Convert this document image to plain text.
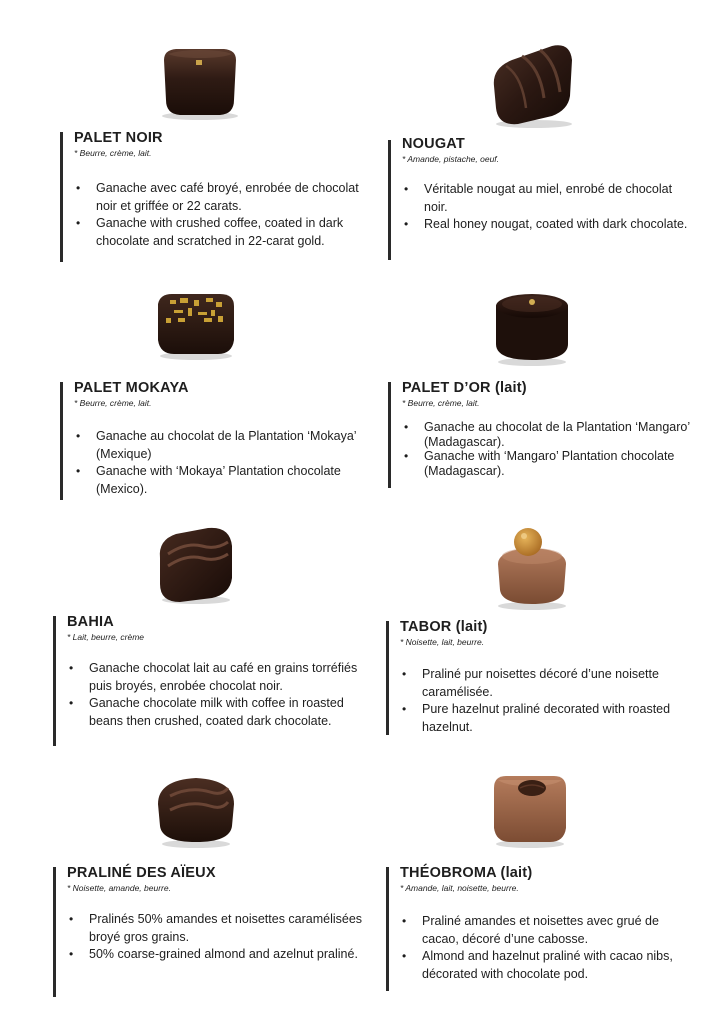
PALET NOIR
* Beurre, crème, lait.
• Ganache avec café broyé, enrobée de chocolat noir et griffée or 22 carats.
• Ganache with crushed coffee, coated in dark chocolate and scratched in 22-carat gold.
NOUGAT
* Amande, pistache, oeuf.
• Véritable nougat au miel, enrobé de chocolat noir.
• Real honey nougat, coated with dark chocolate.
PALET MOKAYA
* Beurre, crème, lait.
• Ganache au chocolat de la Plantation ‘Mokaya’ (Mexique)
• Ganache with ‘Mokaya’ Plantation chocolate (Mexico).
PALET D’OR (lait)
* Beurre, crème, lait.
• Ganache au chocolat de la Plantation ‘Mangaro’ (Madagascar).
• Ganache with ‘Mangaro’ Plantation chocolate (Madagascar).
BAHIA
* Lait, beurre, crème
• Ganache chocolat lait au café en grains torréfiés puis broyés, enrobée chocolat noir.
• Ganache chocolate milk with coffee in roasted beans then crushed, coated dark chocolate.
TABOR (lait)
* Noisette, lait, beurre.
• Praliné pur noisettes décoré d’une noisette caramélisée.
• Pure hazelnut praliné decorated with roasted hazelnut.
PRALINÉ DES AÏEUX
* Noisette, amande, beurre.
• Pralinés 50% amandes et noisettes caramélisées broyé gros grains.
• 50% coarse-grained almond and azelnut praliné.
THÉOBROMA (lait)
* Amande, lait, noisette, beurre.
• Praliné amandes et noisettes avec grué de cacao, décoré d’une cabosse.
• Almond and hazelnut praliné with cacao nibs, décorated with chocolate pod.
